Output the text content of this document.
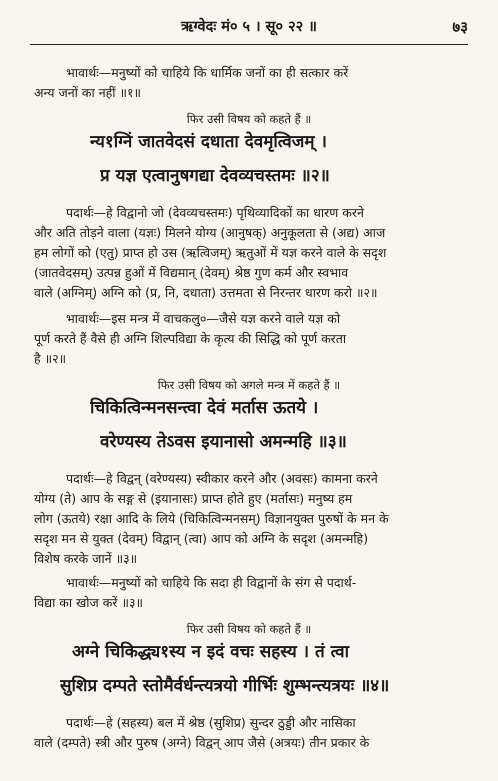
ऋग्वेदः मं० ५ । सू० २२ ॥	७३
भावार्थः—मनुष्यों को चाहिये कि धार्मिक जनों का ही सत्कार करें
अन्य जनों का नहीं ॥१॥
फिर उसी विषय को कहते हैं ॥
न्य१ग्निं जातवेदसं दधाता देवमृत्विजम् ।
प्र यज्ञ एत्वानुषगद्या देवव्यचस्तमः ॥२॥
पदार्थः—हे विद्वानो जो (देवव्यचस्तमः) पृथिव्यादिकों का धारण करने
और अति तोड़ने वाला (यज्ञः) मिलने योग्य (आनुषक्) अनुकूलता से (अद्य) आज
हम लोगों को (एतु) प्राप्त हो उस (ऋत्विजम्) ऋतुओं में यज्ञ करने वाले के सदृश
(जातवेदसम्) उत्पन्न हुओं में विद्यमान् (देवम्) श्रेष्ठ गुण कर्म और स्वभाव
वाले (अग्निम्) अग्नि को (प्र, नि, दधाता) उत्तमता से निरन्तर धारण करो ॥२॥
भावार्थः—इस मन्त्र में वाचकलु०—जैसे यज्ञ करने वाले यज्ञ को
पूर्ण करते हैं वैसे ही अग्नि शिल्पविद्या के कृत्य की सिद्धि को पूर्ण करता
है ॥२॥
फिर उसी विषय को अगले मन्त्र में कहते हैं ॥
चिकित्विन्मनसन्त्वा देवं मर्तास ऊतये ।
वरेण्यस्य तेऽवस इयानासो अमन्महि ॥३॥
पदार्थः—हे विद्वन् (वरेण्यस्य) स्वीकार करने और (अवसः) कामना करने
योग्य (ते) आप के सङ्ग से (इयानासः) प्राप्त होते हुए (मर्तासः) मनुष्य हम
लोग (ऊतये) रक्षा आदि के लिये (चिकित्विन्मनसम्) विज्ञानयुक्त पुरुषों के मन के
सदृश मन से युक्त (देवम्) विद्वान् (त्वा) आप को अग्नि के सदृश (अमन्महि)
विशेष करके जानें ॥३॥
भावार्थः—मनुष्यों को चाहिये कि सदा ही विद्वानों के संग से पदार्थ-
विद्या का खोज करें ॥३॥
फिर उसी विषय को कहते हैं ॥
अग्ने चिकिद्ध्य१स्य न इदं वचः सहस्य । तं त्वा
सुशिप्र दम्पते स्तोमैर्वर्धन्त्यत्रयो गीर्भिः शुम्भन्त्यत्रयः ॥४॥
पदार्थः—हे (सहस्य) बल में श्रेष्ठ (सुशिप्र) सुन्दर ठुड्डी और नासिका
वाले (दम्पते) स्त्री और पुरुष (अग्ने) विद्वन् आप जैसे (अत्रयः) तीन प्रकार के
